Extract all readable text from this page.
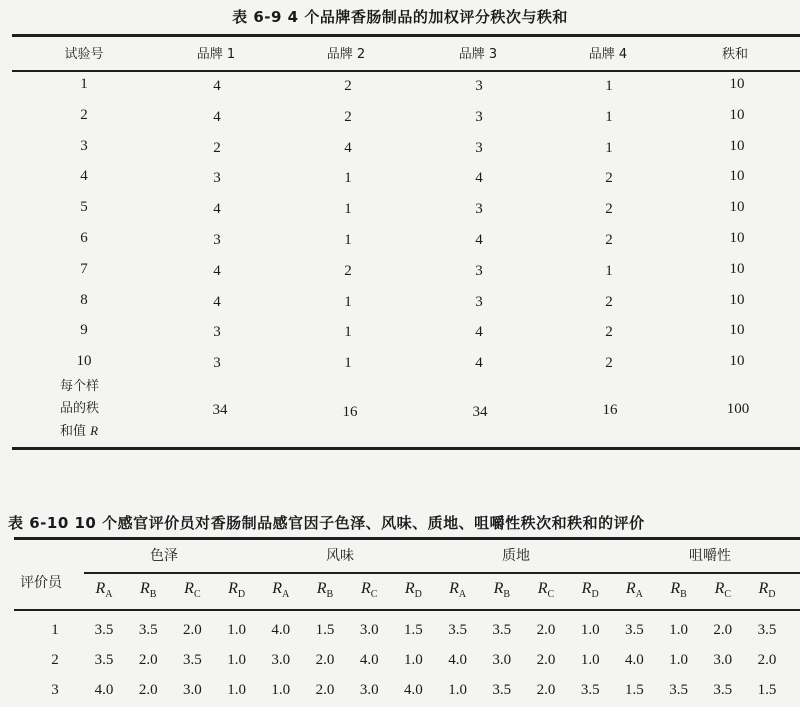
表 6-9 4 个品牌香肠制品的加权评分秩次与秩和
试验号	品牌 1	品牌 2	品牌 3	品牌 4	秩和
1	4	2	3	1	10
2	4	2	3	1	10
3	2	4	3	1	10
4	3	1	4	2	10
5	4	1	3	2	10
6	3	1	4	2	10
7	4	2	3	1	10
8	4	1	3	2	10
9	3	1	4	2	10
10	3	1	4	2	10
每个样
品的秩
和值 R
34	16	34	16	100
表 6-10 10 个感官评价员对香肠制品感官因子色泽、风味、质地、咀嚼性秩次和秩和的评价
评价员
色泽	风味	质地	咀嚼性
$R_A$ $R_B$ $R_C$ $R_D$ $R_A$ $R_B$ $R_C$ $R_D$ $R_A$ $R_B$ $R_C$ $R_D$ $R_A$ $R_B$ $R_C$ $R_D$
1 3.5 3.5 2.0 1.0 4.0 1.5 3.0 1.5 3.5 3.5 2.0 1.0 3.5 1.0 2.0 3.5
2 3.5 2.0 3.5 1.0 3.0 2.0 4.0 1.0 4.0 3.0 2.0 1.0 4.0 1.0 3.0 2.0
3 4.0 2.0 3.0 1.0 1.0 2.0 3.0 4.0 1.0 3.5 2.0 3.5 1.5 3.5 3.5 1.5
